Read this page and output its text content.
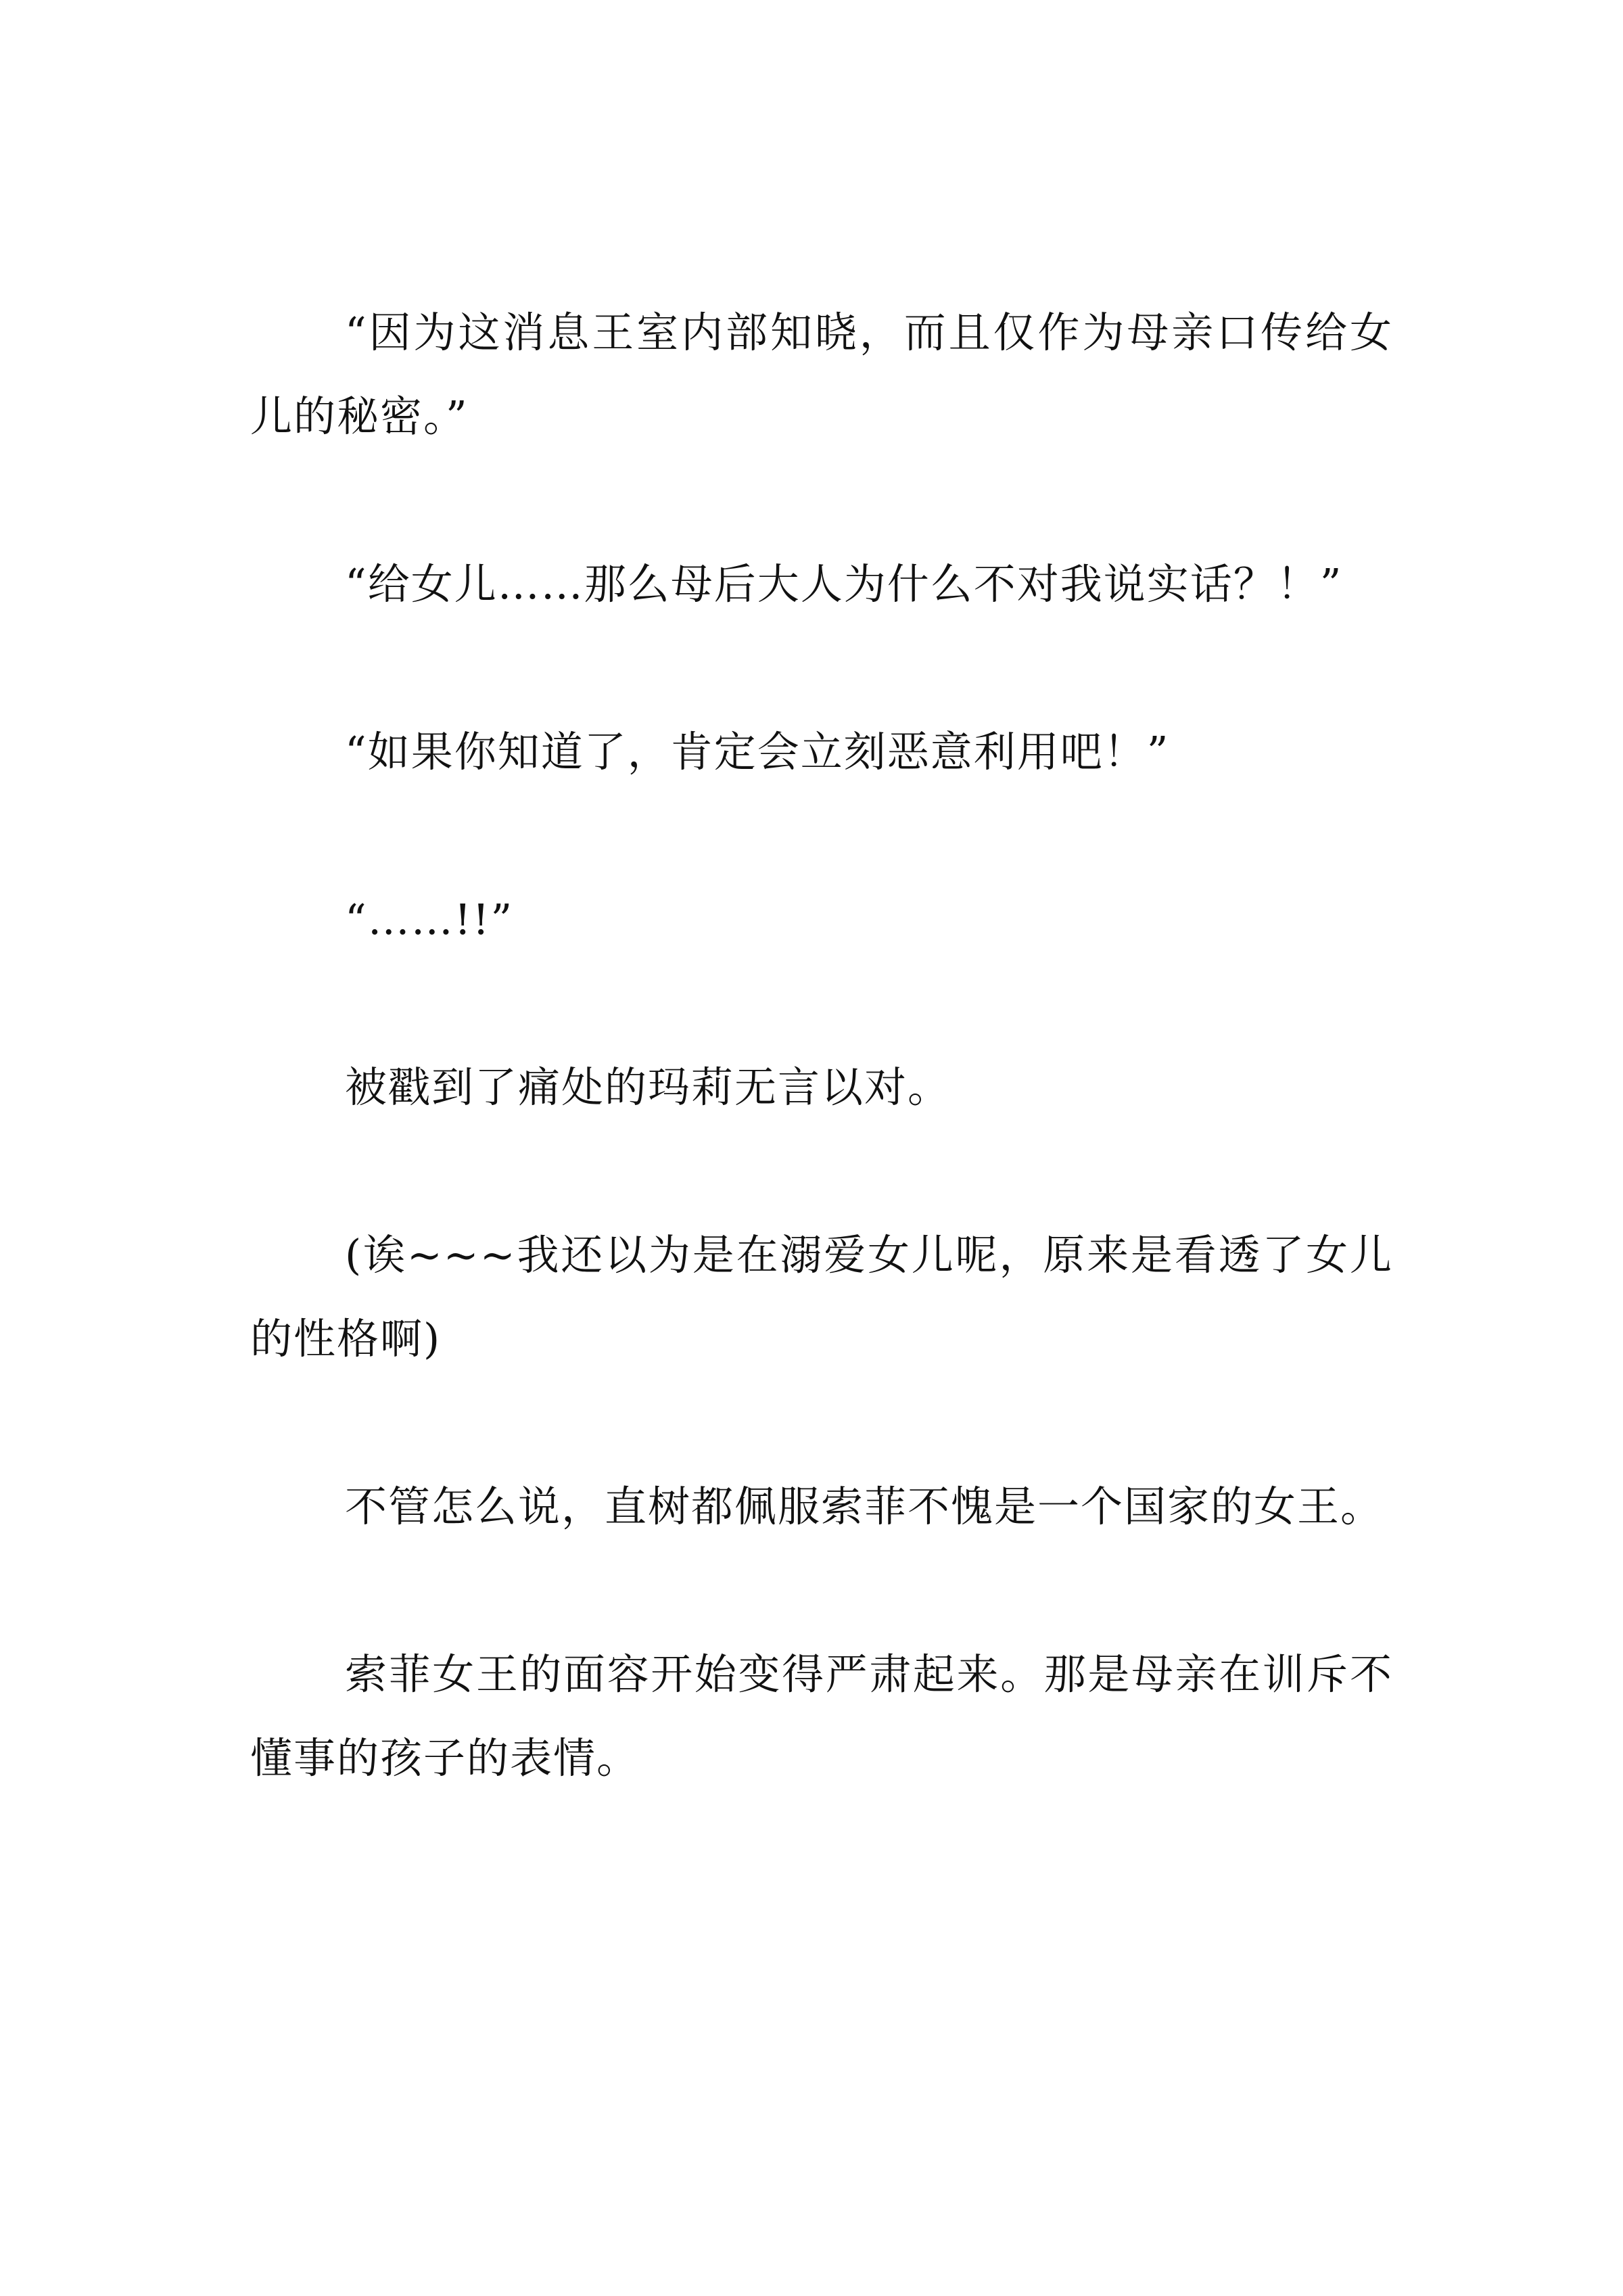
“因为这消息王室内部知晓，而且仅作为母亲口传给女儿的秘密。”

“给女儿……那么母后大人为什么不对我说实话？！”

“如果你知道了，肯定会立刻恶意利用吧！”

“……!!”

被戳到了痛处的玛莉无言以对。

(诶~~~我还以为是在溺爱女儿呢，原来是看透了女儿的性格啊)

不管怎么说，直树都佩服索菲不愧是一个国家的女王。

索菲女王的面容开始变得严肃起来。那是母亲在训斥不懂事的孩子的表情。
